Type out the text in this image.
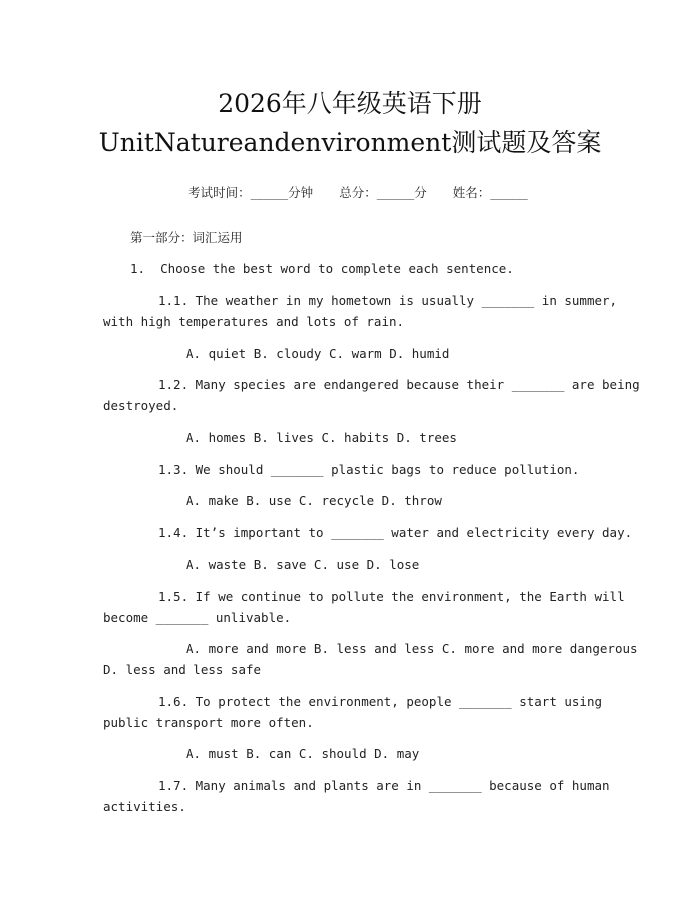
2026年八年级英语下册
UnitNatureandenvironment测试题及答案

考试时间：______分钟 总分：______分 姓名：______

第一部分：词汇运用
1.  Choose the best word to complete each sentence.
1.1. The weather in my hometown is usually _______ in summer,
with high temperatures and lots of rain.
A. quiet B. cloudy C. warm D. humid
1.2. Many species are endangered because their _______ are being
destroyed.
A. homes B. lives C. habits D. trees
1.3. We should _______ plastic bags to reduce pollution.
A. make B. use C. recycle D. throw
1.4. It’s important to _______ water and electricity every day.
A. waste B. save C. use D. lose
1.5. If we continue to pollute the environment, the Earth will
become _______ unlivable.
A. more and more B. less and less C. more and more dangerous
D. less and less safe
1.6. To protect the environment, people _______ start using
public transport more often.
A. must B. can C. should D. may
1.7. Many animals and plants are in _______ because of human
activities.
